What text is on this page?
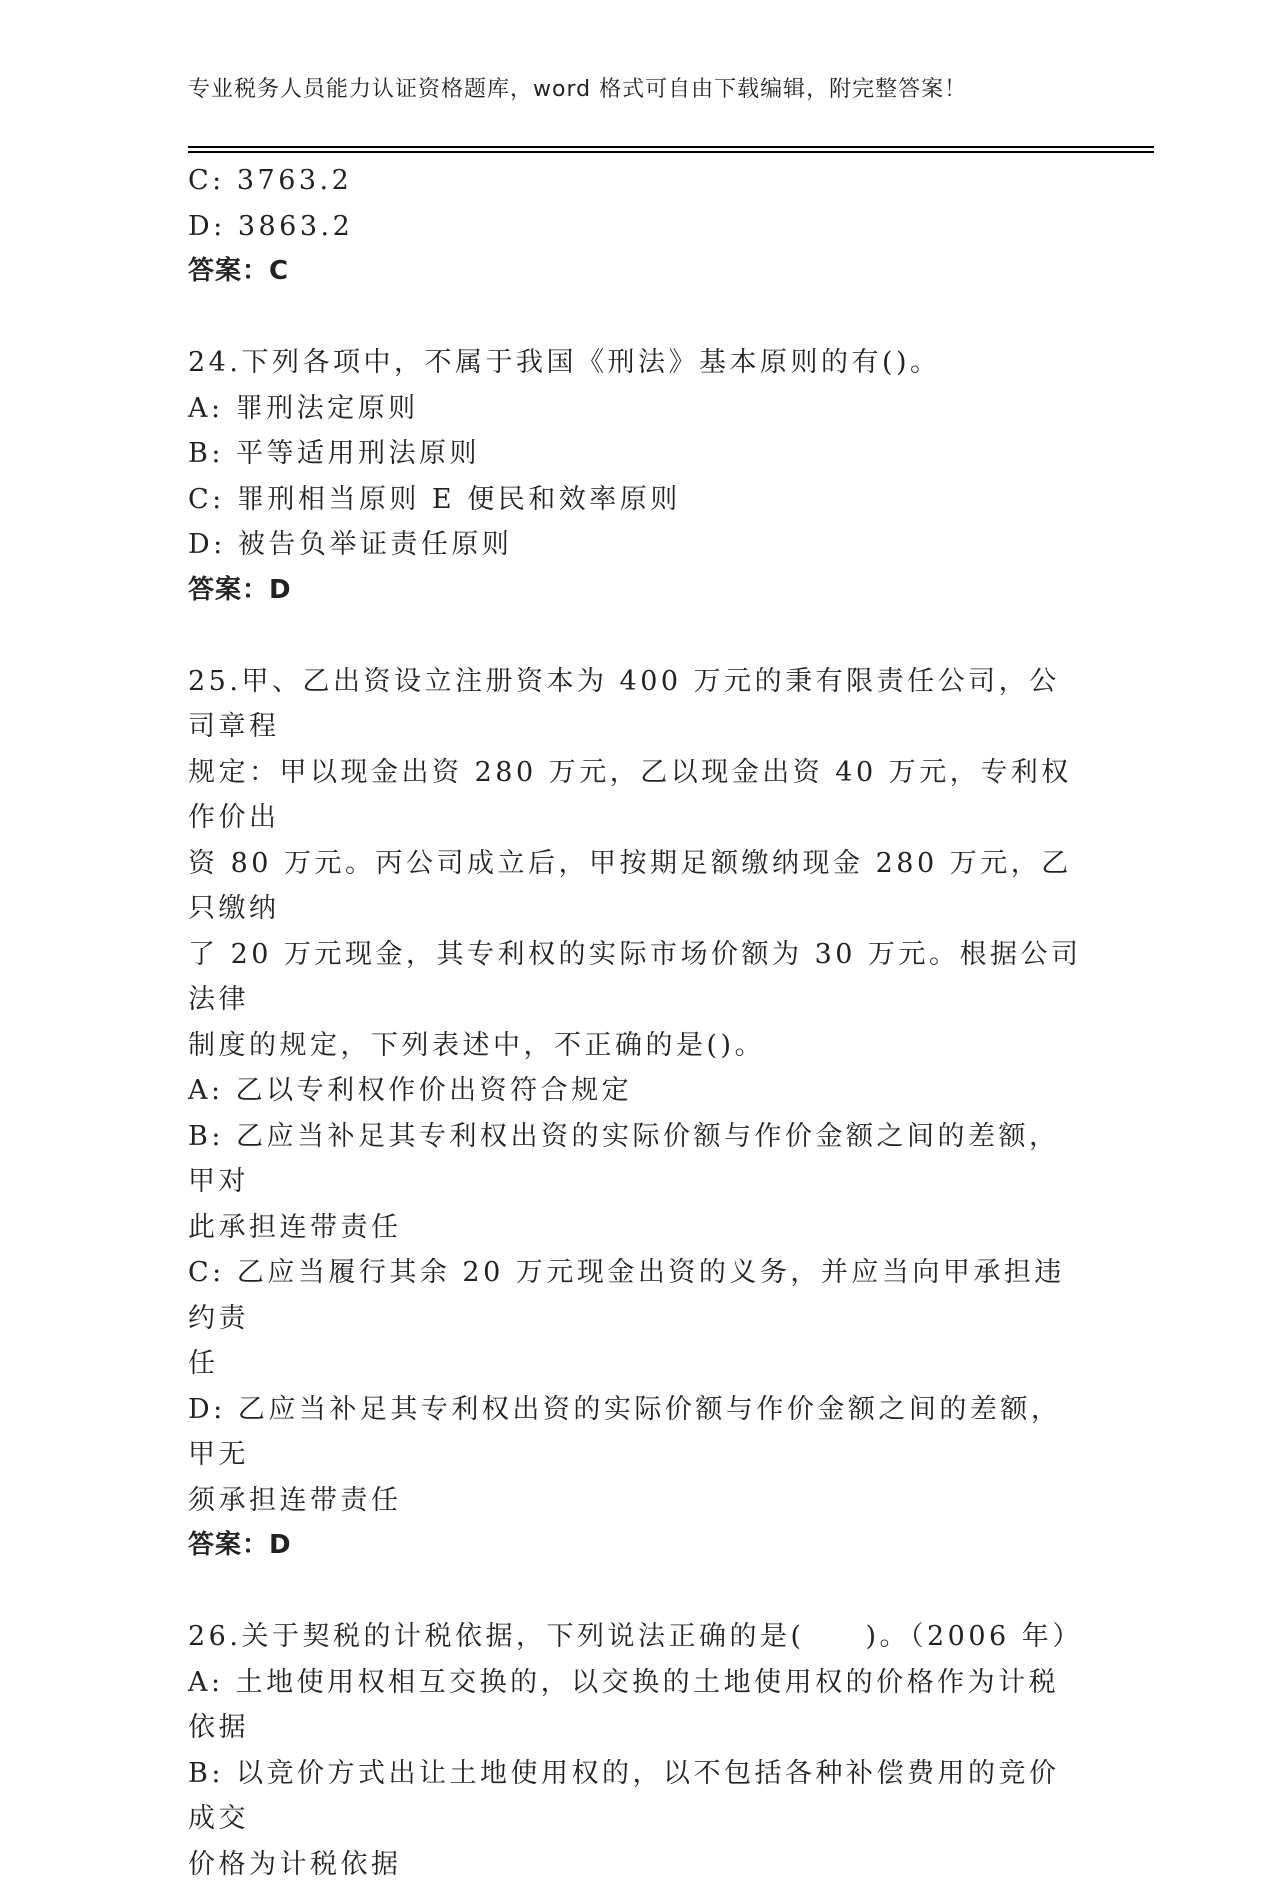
专业税务人员能力认证资格题库，word 格式可自由下载编辑，附完整答案！
C: 3763.2
D: 3863.2
答案：C
24.下列各项中，不属于我国《刑法》基本原则的有()。
A: 罪刑法定原则
B: 平等适用刑法原则
C: 罪刑相当原则 E 便民和效率原则
D: 被告负举证责任原则
答案：D
25.甲、乙出资设立注册资本为 400 万元的秉有限责任公司，公司章程
规定：甲以现金出资 280 万元，乙以现金出资 40 万元，专利权作价出
资 80 万元。丙公司成立后，甲按期足额缴纳现金 280 万元，乙只缴纳
了 20 万元现金，其专利权的实际市场价额为 30 万元。根据公司法律
制度的规定，下列表述中，不正确的是()。
A: 乙以专利权作价出资符合规定
B: 乙应当补足其专利权出资的实际价额与作价金额之间的差额，甲对
此承担连带责任
C: 乙应当履行其余 20 万元现金出资的义务，并应当向甲承担违约责
任
D: 乙应当补足其专利权出资的实际价额与作价金额之间的差额，甲无
须承担连带责任
答案：D
26.关于契税的计税依据，下列说法正确的是(　　)。（2006 年）
A: 土地使用权相互交换的，以交换的土地使用权的价格作为计税依据
B: 以竞价方式出让土地使用权的，以不包括各种补偿费用的竞价成交
价格为计税依据
